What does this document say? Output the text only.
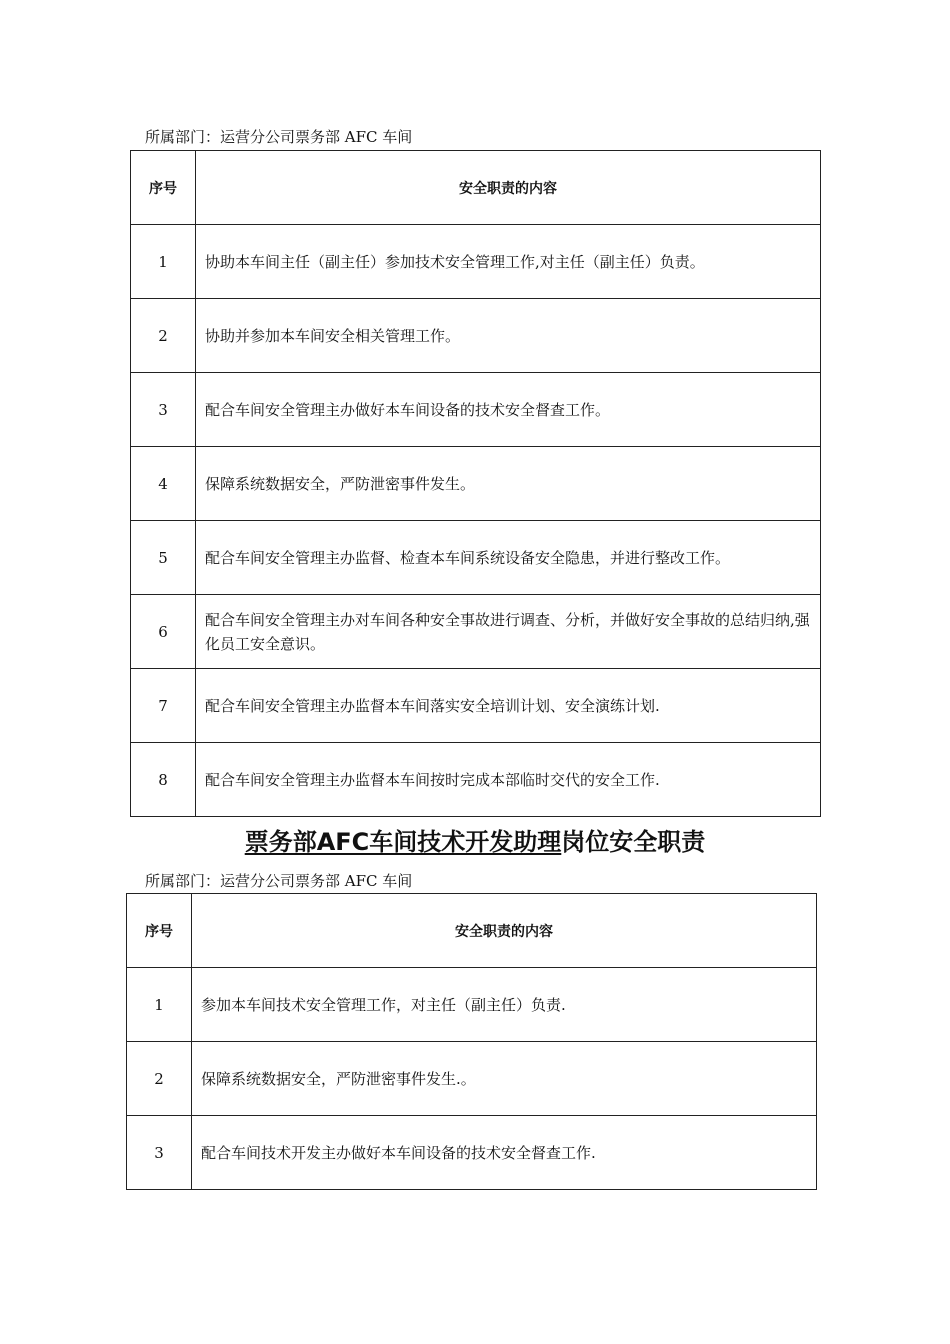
所属部门：运营分公司票务部 AFC 车间
序号	安全职责的内容
1	协助本车间主任（副主任）参加技术安全管理工作,对主任（副主任）负责。
2	协助并参加本车间安全相关管理工作。
3	配合车间安全管理主办做好本车间设备的技术安全督查工作。
4	保障系统数据安全，严防泄密事件发生。
5	配合车间安全管理主办监督、检查本车间系统设备安全隐患，并进行整改工作。
6	配合车间安全管理主办对车间各种安全事故进行调查、分析，并做好安全事故的总结归纳,强化员工安全意识。
7	配合车间安全管理主办监督本车间落实安全培训计划、安全演练计划.
8	配合车间安全管理主办监督本车间按时完成本部临时交代的安全工作.
票务部AFC车间技术开发助理岗位安全职责
所属部门：运营分公司票务部 AFC 车间
序号	安全职责的内容
1	参加本车间技术安全管理工作，对主任（副主任）负责.
2	保障系统数据安全，严防泄密事件发生.。
3	配合车间技术开发主办做好本车间设备的技术安全督查工作.
